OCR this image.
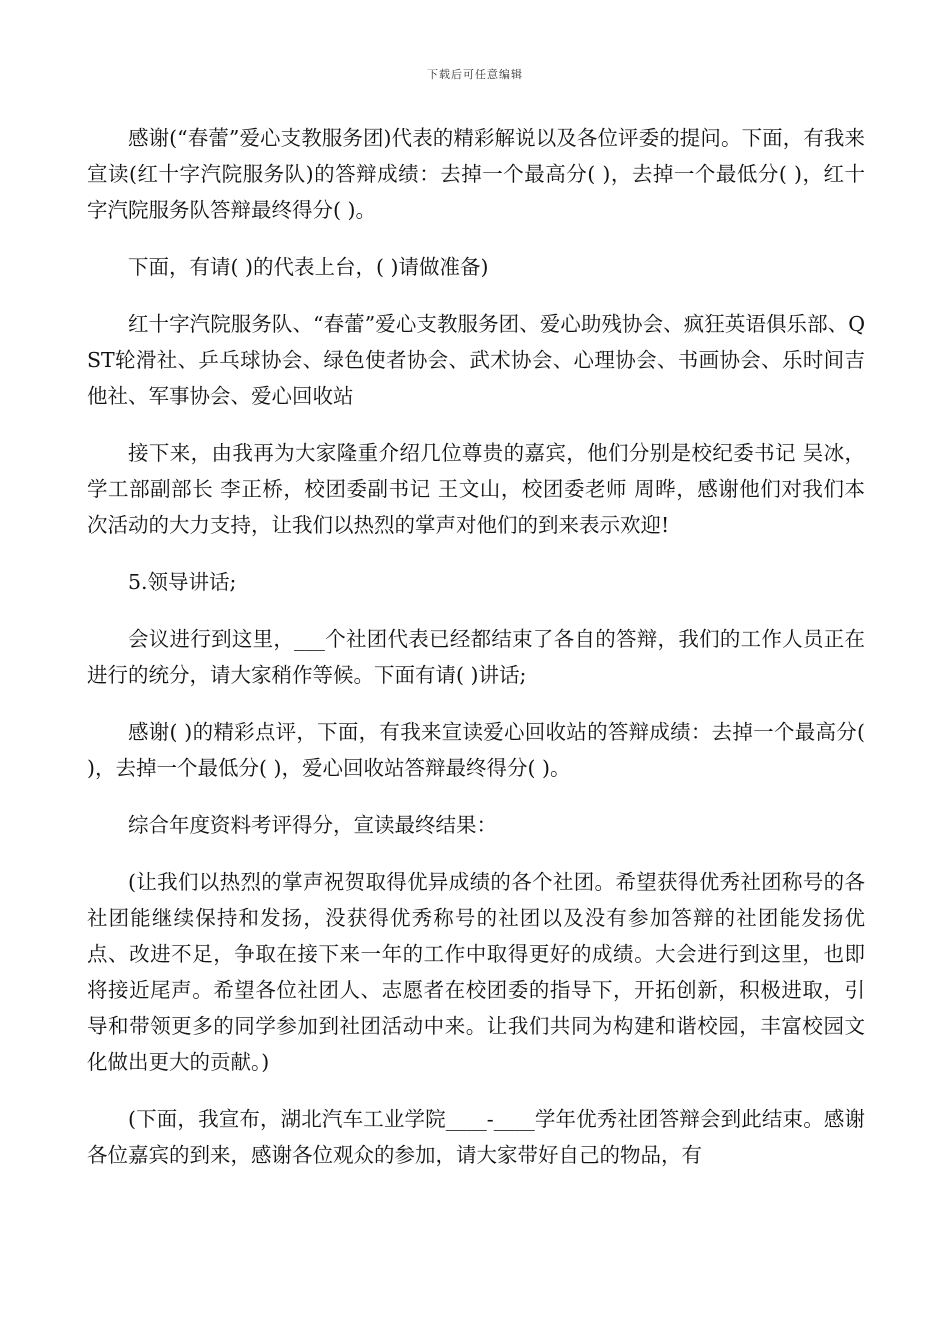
下载后可任意编辑

感谢(“春蕾”爱心支教服务团)代表的精彩解说以及各位评委的提问。下面，有我来宣读(红十字汽院服务队)的答辩成绩：去掉一个最高分( )，去掉一个最低分( )，红十字汽院服务队答辩最终得分( )。

下面，有请( )的代表上台，( )请做准备)

红十字汽院服务队、“春蕾”爱心支教服务团、爱心助残协会、疯狂英语俱乐部、QST轮滑社、乒乓球协会、绿色使者协会、武术协会、心理协会、书画协会、乐时间吉他社、军事协会、爱心回收站

接下来，由我再为大家隆重介绍几位尊贵的嘉宾，他们分别是校纪委书记 吴冰，学工部副部长 李正桥，校团委副书记 王文山，校团委老师 周晔，感谢他们对我们本次活动的大力支持，让我们以热烈的掌声对他们的到来表示欢迎!

5.领导讲话;

会议进行到这里，___个社团代表已经都结束了各自的答辩，我们的工作人员正在进行的统分，请大家稍作等候。下面有请( )讲话;

感谢( )的精彩点评，下面，有我来宣读爱心回收站的答辩成绩：去掉一个最高分( )，去掉一个最低分( )，爱心回收站答辩最终得分( )。

综合年度资料考评得分，宣读最终结果：

(让我们以热烈的掌声祝贺取得优异成绩的各个社团。希望获得优秀社团称号的各社团能继续保持和发扬，没获得优秀称号的社团以及没有参加答辩的社团能发扬优点、改进不足，争取在接下来一年的工作中取得更好的成绩。大会进行到这里，也即将接近尾声。希望各位社团人、志愿者在校团委的指导下，开拓创新，积极进取，引导和带领更多的同学参加到社团活动中来。让我们共同为构建和谐校园，丰富校园文化做出更大的贡献。)

(下面，我宣布，湖北汽车工业学院____-____学年优秀社团答辩会到此结束。感谢各位嘉宾的到来，感谢各位观众的参加，请大家带好自己的物品，有
